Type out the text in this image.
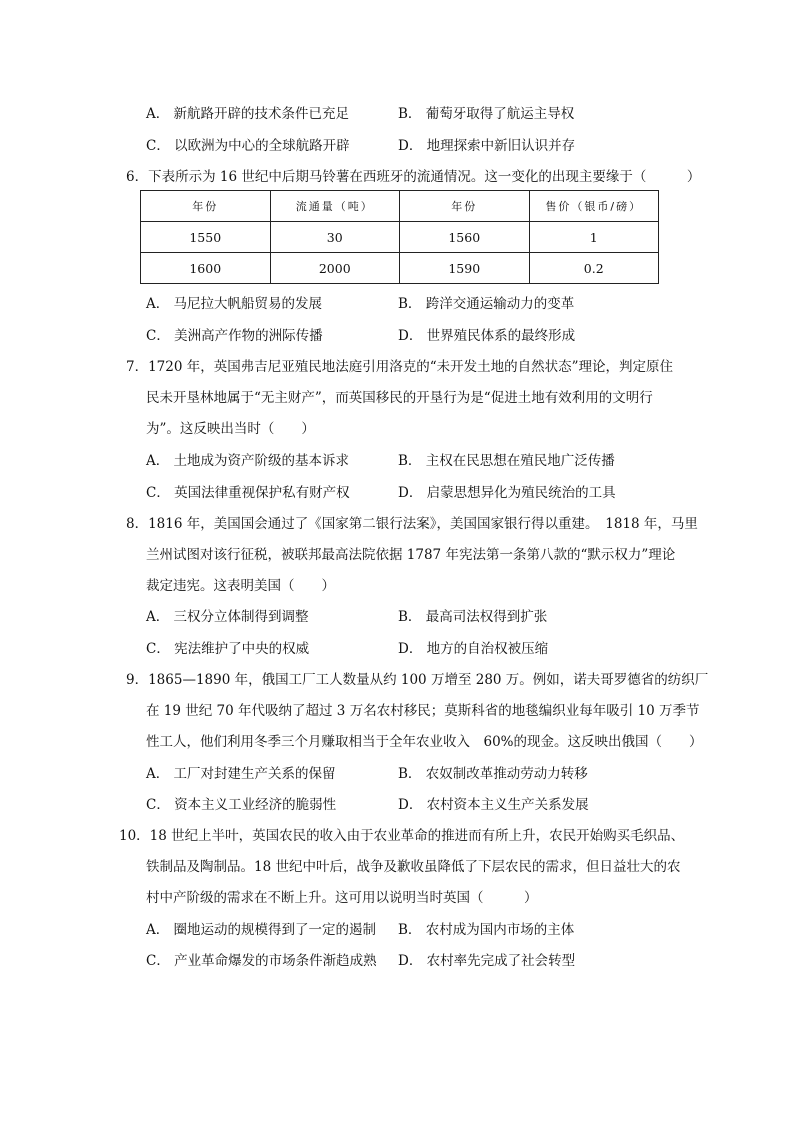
A． 新航路开辟的技术条件已充足	B． 葡萄牙取得了航运主导权
C． 以欧洲为中心的全球航路开辟	D． 地理探索中新旧认识并存
6．下表所示为 16 世纪中后期马铃薯在西班牙的流通情况。这一变化的出现主要缘于（　　　）
年份	流通量（吨）	年份	售价（银币/磅）
1550	30	1560	1
1600	2000	1590	0.2
A． 马尼拉大帆船贸易的发展	B． 跨洋交通运输动力的变革
C． 美洲高产作物的洲际传播	D． 世界殖民体系的最终形成
7．1720 年，英国弗吉尼亚殖民地法庭引用洛克的“未开发土地的自然状态”理论，判定原住
民未开垦林地属于“无主财产”，而英国移民的开垦行为是“促进土地有效利用的文明行
为”。这反映出当时（　　）
A． 土地成为资产阶级的基本诉求	B． 主权在民思想在殖民地广泛传播
C． 英国法律重视保护私有财产权	D． 启蒙思想异化为殖民统治的工具
8．1816 年，美国国会通过了《国家第二银行法案》，美国国家银行得以重建。　1818 年，马里
兰州试图对该行征税，被联邦最高法院依据 1787 年宪法第一条第八款的“默示权力”理论
裁定违宪。这表明美国（　　）
A． 三权分立体制得到调整	B． 最高司法权得到扩张
C． 宪法维护了中央的权威	D． 地方的自治权被压缩
9．1865—1890 年，俄国工厂工人数量从约 100 万增至 280 万。例如，诺夫哥罗德省的纺织厂
在 19 世纪 70 年代吸纳了超过 3 万名农村移民；莫斯科省的地毯编织业每年吸引 10 万季节
性工人，他们利用冬季三个月赚取相当于全年农业收入　60%的现金。这反映出俄国（　　）
A． 工厂对封建生产关系的保留	B． 农奴制改革推动劳动力转移
C． 资本主义工业经济的脆弱性	D． 农村资本主义生产关系发展
10．18 世纪上半叶，英国农民的收入由于农业革命的推进而有所上升，农民开始购买毛织品、
铁制品及陶制品。18 世纪中叶后，战争及歉收虽降低了下层农民的需求，但日益壮大的农
村中产阶级的需求在不断上升。这可用以说明当时英国（　　　）
A． 圈地运动的规模得到了一定的遏制 B． 农村成为国内市场的主体
C． 产业革命爆发的市场条件渐趋成熟 D． 农村率先完成了社会转型
